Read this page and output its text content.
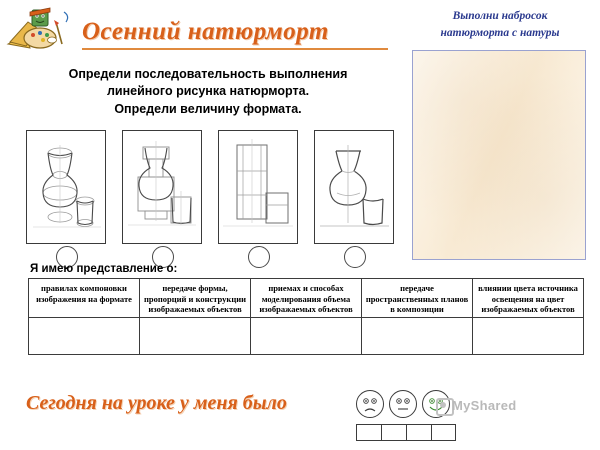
Осенний натюрморт
Выполни набросок
натюрморта с натуры
Определи последовательность выполнения
линейного рисунка натюрморта.
Определи величину формата.
Я имею представление о:
правилах компоновки изображения на формате	передаче формы, пропорций и конструкции изображаемых объектов	приемах и способах моделирования объема изображаемых объектов	передаче пространственных планов в композиции	влиянии цвета источника освещения на цвет изображаемых объектов

Сегодня на уроке у меня было	MyShared
